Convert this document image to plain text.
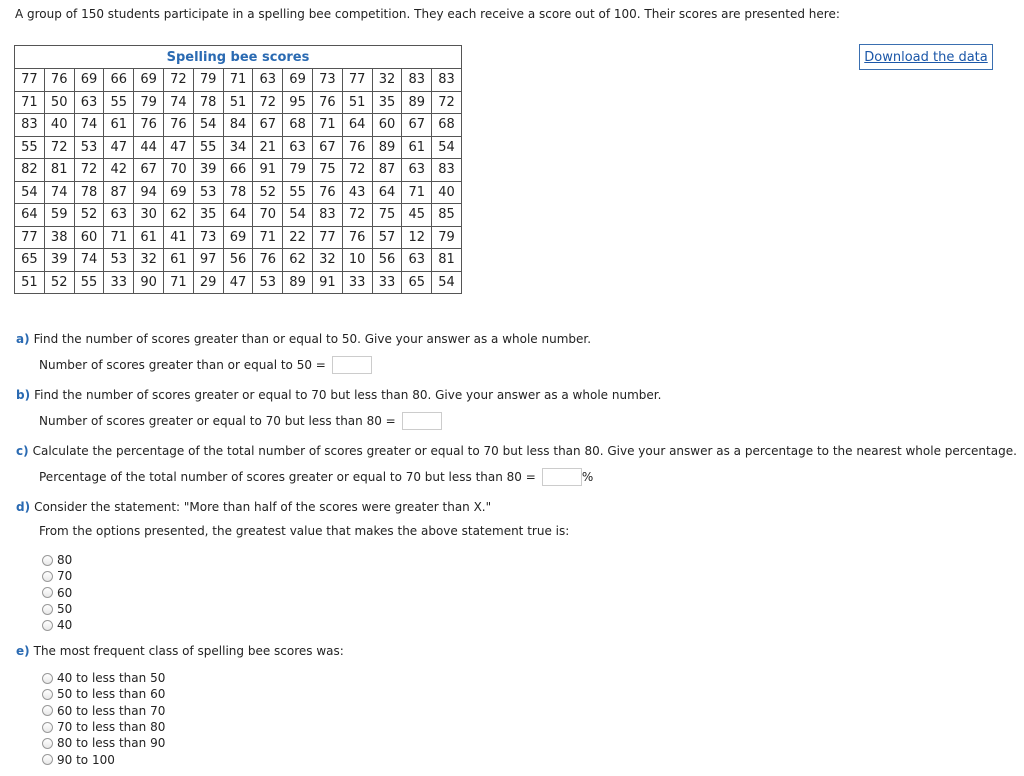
A group of 150 students participate in a spelling bee competition. They each receive a score out of 100. Their scores are presented here:
Download the data
Spelling bee scores														
77	76	69	66	69	72	79	71	63	69	73	77	32	83	83
71	50	63	55	79	74	78	51	72	95	76	51	35	89	72
83	40	74	61	76	76	54	84	67	68	71	64	60	67	68
55	72	53	47	44	47	55	34	21	63	67	76	89	61	54
82	81	72	42	67	70	39	66	91	79	75	72	87	63	83
54	74	78	87	94	69	53	78	52	55	76	43	64	71	40
64	59	52	63	30	62	35	64	70	54	83	72	75	45	85
77	38	60	71	61	41	73	69	71	22	77	76	57	12	79
65	39	74	53	32	61	97	56	76	62	32	10	56	63	81
51	52	55	33	90	71	29	47	53	89	91	33	33	65	54
a) Find the number of scores greater than or equal to 50. Give your answer as a whole number.
Number of scores greater than or equal to 50 =
b) Find the number of scores greater or equal to 70 but less than 80. Give your answer as a whole number.
Number of scores greater or equal to 70 but less than 80 =
c) Calculate the percentage of the total number of scores greater or equal to 70 but less than 80. Give your answer as a percentage to the nearest whole percentage.
Percentage of the total number of scores greater or equal to 70 but less than 80 =	%
d) Consider the statement: "More than half of the scores were greater than X."
From the options presented, the greatest value that makes the above statement true is:
80
70
60
50
40
e) The most frequent class of spelling bee scores was:
40 to less than 50
50 to less than 60
60 to less than 70
70 to less than 80
80 to less than 90
90 to 100
